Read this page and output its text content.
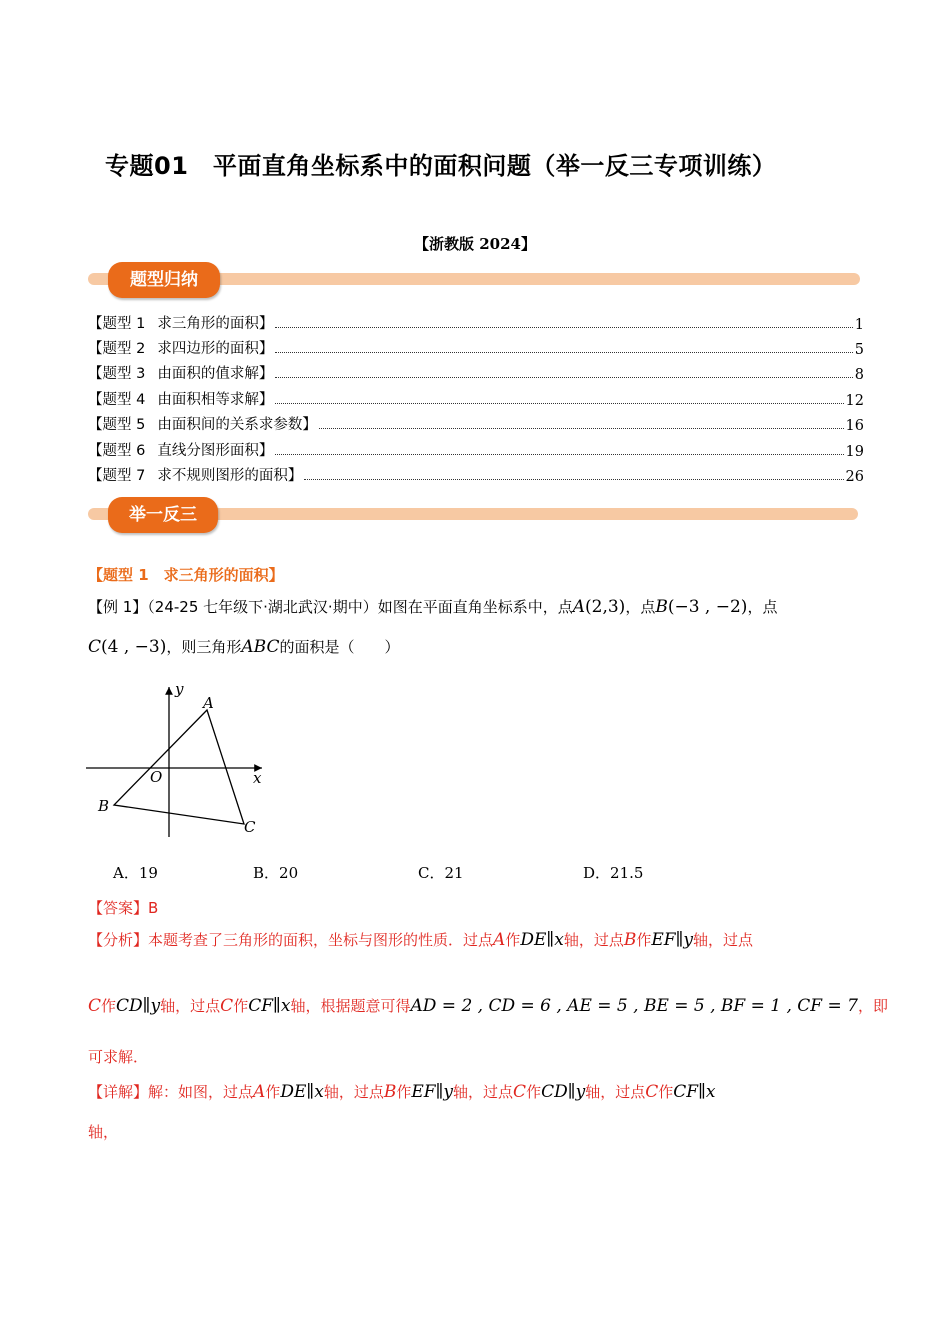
专题01　平面直角坐标系中的面积问题（举一反三专项训练）
【浙教版 2024】
题型归纳
【题型 1 求三角形的面积】	1
【题型 2 求四边形的面积】	5
【题型 3 由面积的值求解】	8
【题型 4 由面积相等求解】	12
【题型 5 由面积间的关系求参数】	16
【题型 6 直线分图形面积】	19
【题型 7 求不规则图形的面积】	26
举一反三
【题型 1　求三角形的面积】
【例 1】（24-25 七年级下·湖北武汉·期中）如图在平面直角坐标系中，点A(2,3)，点B(−3 , −2)，点
C(4 , −3)，则三角形ABC的面积是（　　）
y
x
A
O
B
C
A．19	B．20	C．21	D．21.5
【答案】B
【分析】本题考查了三角形的面积，坐标与图形的性质．过点A作DE∥x轴，过点B作EF∥y轴，过点
C作CD∥y轴，过点C作CF∥x轴，根据题意可得AD = 2 , CD = 6 , AE = 5 , BE = 5 , BF = 1 , CF = 7，即
可求解．
【详解】解：如图，过点A作DE∥x轴，过点B作EF∥y轴，过点C作CD∥y轴，过点C作CF∥x
轴，
